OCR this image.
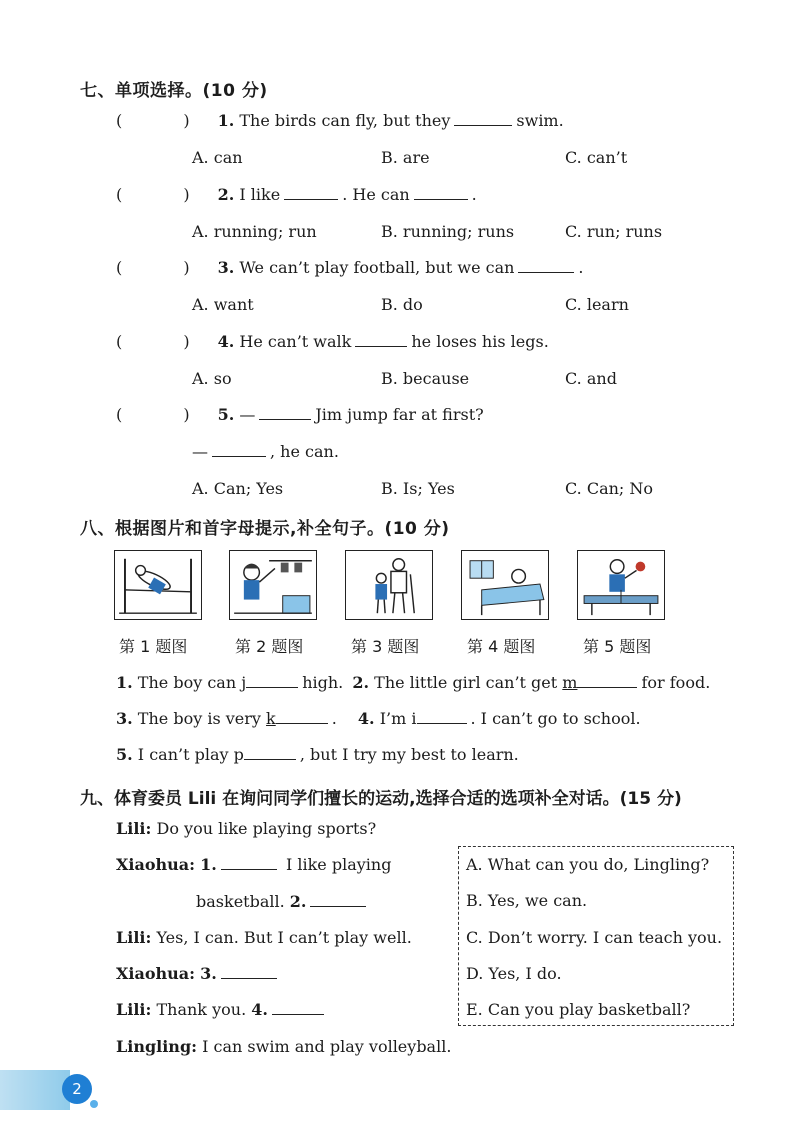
七、单项选择。(10 分)
( )1. The birds can fly, but they	swim.
A. can	B. are	C. can’t
( )2. I like	. He can	.
A. running; run	B. running; runs	C. run; runs
( )3. We can’t play football, but we can	.
A. want	B. do	C. learn
( )4. He can’t walk	he loses his legs.
A. so	B. because	C. and
( )5. —	Jim jump far at first?
—	, he can.
A. Can; Yes	B. Is; Yes	C. Can; No
八、根据图片和首字母提示,补全句子。(10 分)
第 1 题图	第 2 题图	第 3 题图	第 4 题图	第 5 题图
1. The boy can j	high. 2. The little girl can’t get m	for food.
3. The boy is very k	. 4. I’m i	. I can’t go to school.
5. I can’t play p	, but I try my best to learn.
九、体育委员 Lili 在询问同学们擅长的运动,选择合适的选项补全对话。(15 分)
Lili: Do you like playing sports?
Xiaohua: 1.	I like playing
basketball. 2.
Lili: Yes, I can. But I can’t play well.
Xiaohua: 3.
Lili: Thank you. 4.
Lingling: I can swim and play volleyball.
A. What can you do, Lingling?
B. Yes, we can.
C. Don’t worry. I can teach you.
D. Yes, I do.
E. Can you play basketball?
2
